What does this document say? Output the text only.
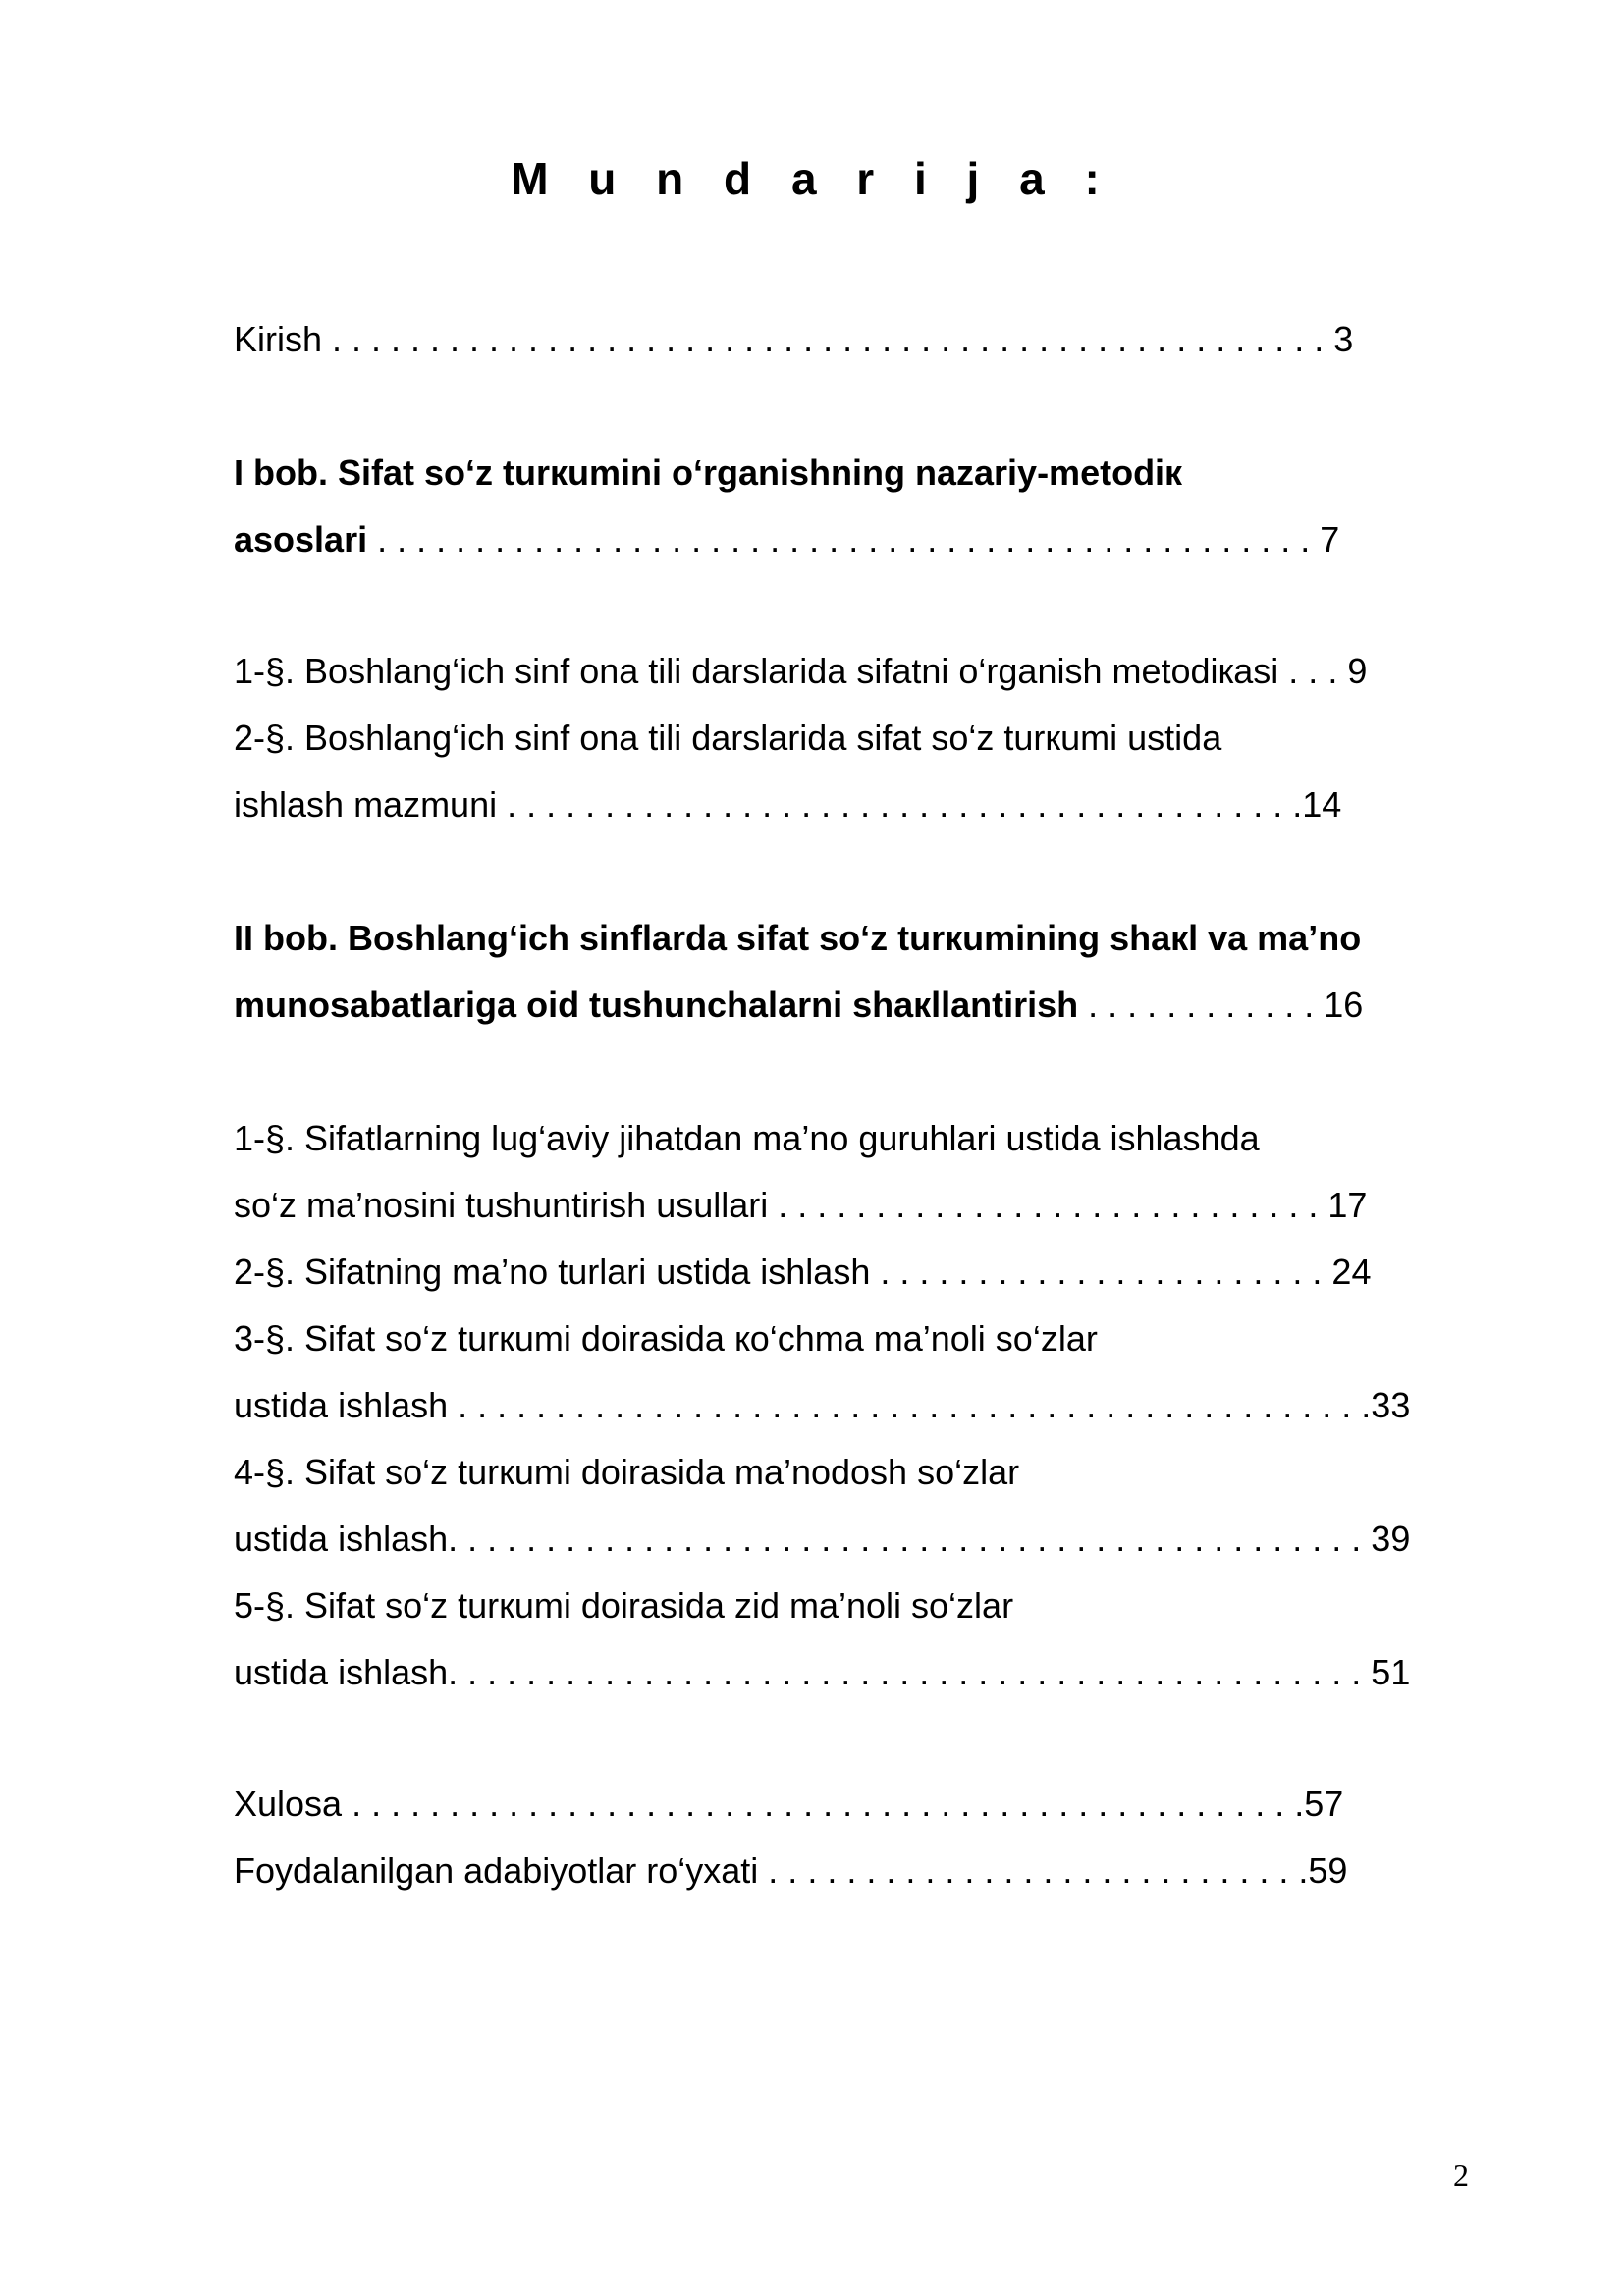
M u n d a r i j a :
Kirish . . . . . . . . . . . . . . . . . . . . . . . . . . . . . . . . . . . . . . . . . . . . . . . . . . . 3
I bob. Sifat so‘z turкumini o‘rganishning nazariy-metodiк
asoslari . . . . . . . . . . . . . . . . . . . . . . . . . . . . . . . . . . . . . . . . . . . . . . . . 7
1-§. Boshlang‘ich sinf ona tili darslarida sifatni o‘rganish metodiкasi . . . 9
2-§. Boshlang‘ich sinf ona tili darslarida sifat so‘z turкumi ustida
ishlash mazmuni . . . . . . . . . . . . . . . . . . . . . . . . . . . . . . . . . . . . . . . . .14
II bob. Boshlang‘ich sinflarda sifat so‘z turкumining shaкl va ma’no
munosabatlariga oid tushunchalarni shaкllantirish . . . . . . . . . . . . 16
1-§. Sifatlarning lug‘aviy jihatdan ma’no guruhlari ustida ishlashda
so‘z ma’nosini tushuntirish usullari . . . . . . . . . . . . . . . . . . . . . . . . . . . . 17
2-§. Sifatning ma’no turlari ustida ishlash . . . . . . . . . . . . . . . . . . . . . . . 24
3-§. Sifat so‘z turкumi doirasida кo‘chma ma’noli so‘zlar
ustida ishlash . . . . . . . . . . . . . . . . . . . . . . . . . . . . . . . . . . . . . . . . . . . . . . .33
4-§. Sifat so‘z turкumi doirasida ma’nodosh so‘zlar
ustida ishlash. . . . . . . . . . . . . . . . . . . . . . . . . . . . . . . . . . . . . . . . . . . . . . . 39
5-§. Sifat so‘z turкumi doirasida zid ma’noli so‘zlar
ustida ishlash. . . . . . . . . . . . . . . . . . . . . . . . . . . . . . . . . . . . . . . . . . . . . . . 51
Xulosa . . . . . . . . . . . . . . . . . . . . . . . . . . . . . . . . . . . . . . . . . . . . . . . . .57
Foydalanilgan adabiyotlar ro‘yxati . . . . . . . . . . . . . . . . . . . . . . . . . . . .59
2
